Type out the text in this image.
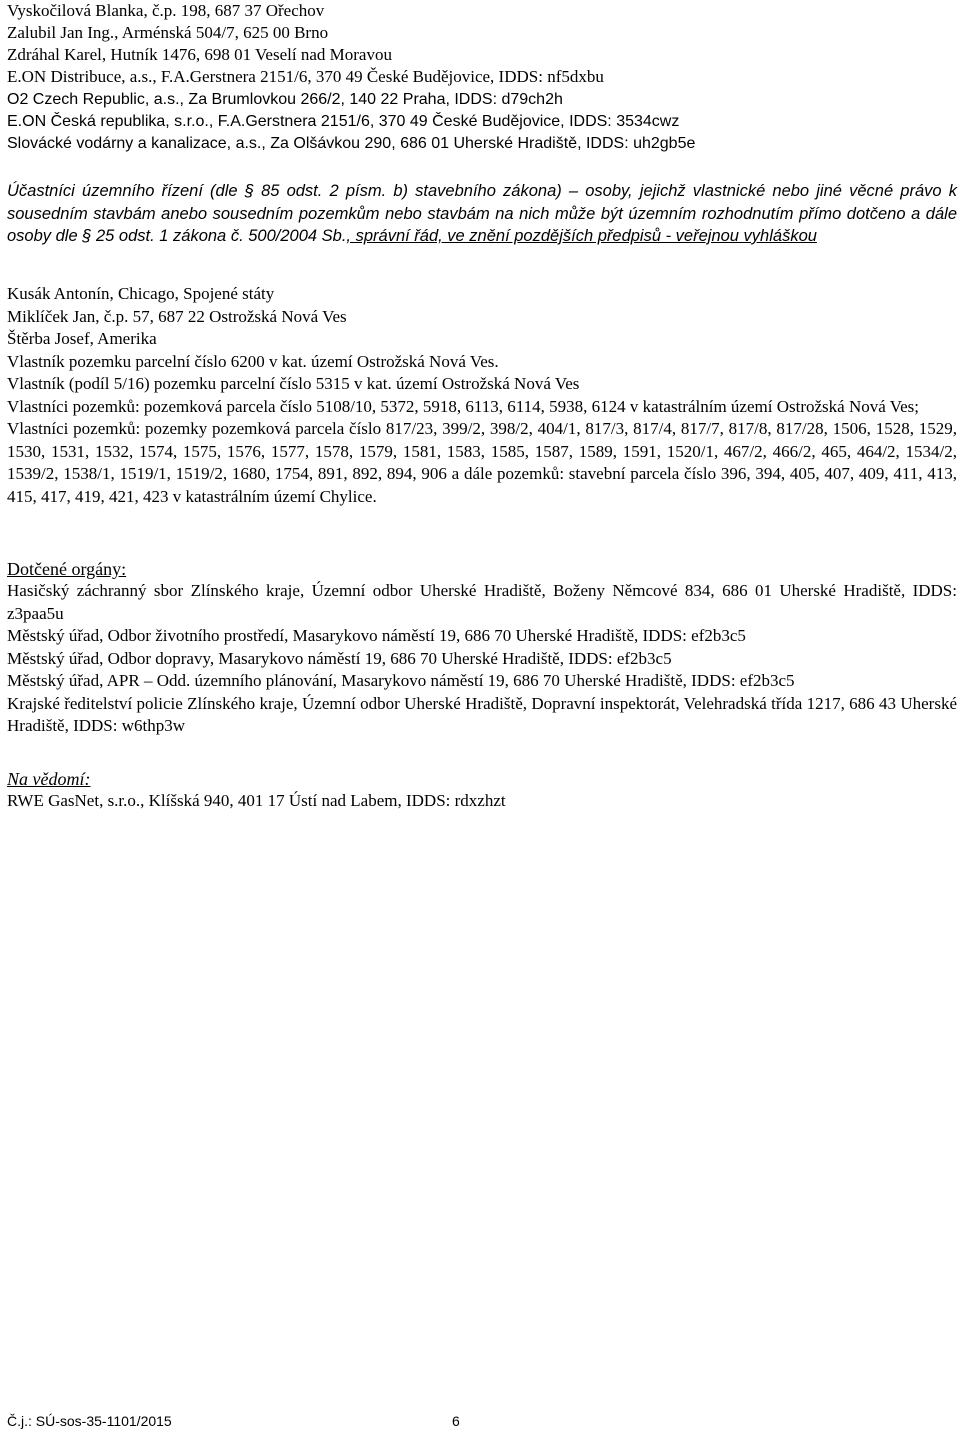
Vyskočilová Blanka, č.p. 198, 687 37 Ořechov
Zalubil Jan Ing., Arménská 504/7, 625 00 Brno
Zdráhal Karel, Hutník 1476, 698 01 Veselí nad Moravou
E.ON Distribuce, a.s., F.A.Gerstnera 2151/6, 370 49 České Budějovice, IDDS: nf5dxbu
O2 Czech Republic, a.s., Za Brumlovkou 266/2, 140 22 Praha, IDDS: d79ch2h
E.ON Česká republika, s.r.o., F.A.Gerstnera 2151/6, 370 49 České Budějovice, IDDS: 3534cwz
Slovácké vodárny a kanalizace, a.s., Za Olšávkou 290, 686 01 Uherské Hradiště, IDDS: uh2gb5e
Účastníci územního řízení (dle § 85 odst. 2 písm. b) stavebního zákona) – osoby, jejichž vlastnické nebo jiné věcné právo k sousedním stavbám anebo sousedním pozemkům nebo stavbám na nich může být územním rozhodnutím přímo dotčeno a dále osoby dle § 25 odst. 1 zákona č. 500/2004 Sb., správní řád, ve znění pozdějších předpisů - veřejnou vyhláškou
Kusák Antonín, Chicago, Spojené státy
Miklíček Jan, č.p. 57, 687 22 Ostrožská Nová Ves
Štěrba Josef, Amerika
Vlastník pozemku parcelní číslo 6200 v kat. území Ostrožská Nová Ves.
Vlastník (podíl 5/16) pozemku parcelní číslo 5315 v kat. území Ostrožská Nová Ves
Vlastníci pozemků: pozemková parcela číslo 5108/10, 5372, 5918, 6113, 6114, 5938, 6124 v katastrálním území Ostrožská Nová Ves;
Vlastníci pozemků: pozemky pozemková parcela číslo 817/23, 399/2, 398/2, 404/1, 817/3, 817/4, 817/7, 817/8, 817/28, 1506, 1528, 1529, 1530, 1531, 1532, 1574, 1575, 1576, 1577, 1578, 1579, 1581, 1583, 1585, 1587, 1589, 1591, 1520/1, 467/2, 466/2, 465, 464/2, 1534/2, 1539/2, 1538/1, 1519/1, 1519/2, 1680, 1754, 891, 892, 894, 906 a dále pozemků: stavební parcela číslo 396, 394, 405, 407, 409, 411, 413, 415, 417, 419, 421, 423 v katastrálním území Chylice.
Dotčené orgány:
Hasičský záchranný sbor Zlínského kraje, Územní odbor Uherské Hradiště, Boženy Němcové 834, 686 01 Uherské Hradiště, IDDS: z3paa5u
Městský úřad, Odbor životního prostředí, Masarykovo náměstí 19, 686 70 Uherské Hradiště, IDDS: ef2b3c5
Městský úřad, Odbor dopravy, Masarykovo náměstí 19, 686 70 Uherské Hradiště, IDDS: ef2b3c5
Městský úřad, APR – Odd. územního plánování, Masarykovo náměstí 19, 686 70 Uherské Hradiště, IDDS: ef2b3c5
Krajské ředitelství policie Zlínského kraje, Územní odbor Uherské Hradiště, Dopravní inspektorát, Velehradská třída 1217, 686 43 Uherské Hradiště, IDDS: w6thp3w
Na vědomí:
RWE GasNet, s.r.o., Klíšská 940, 401 17 Ústí nad Labem, IDDS: rdxzhzt
Č.j.: SÚ-sos-35-1101/2015	6
